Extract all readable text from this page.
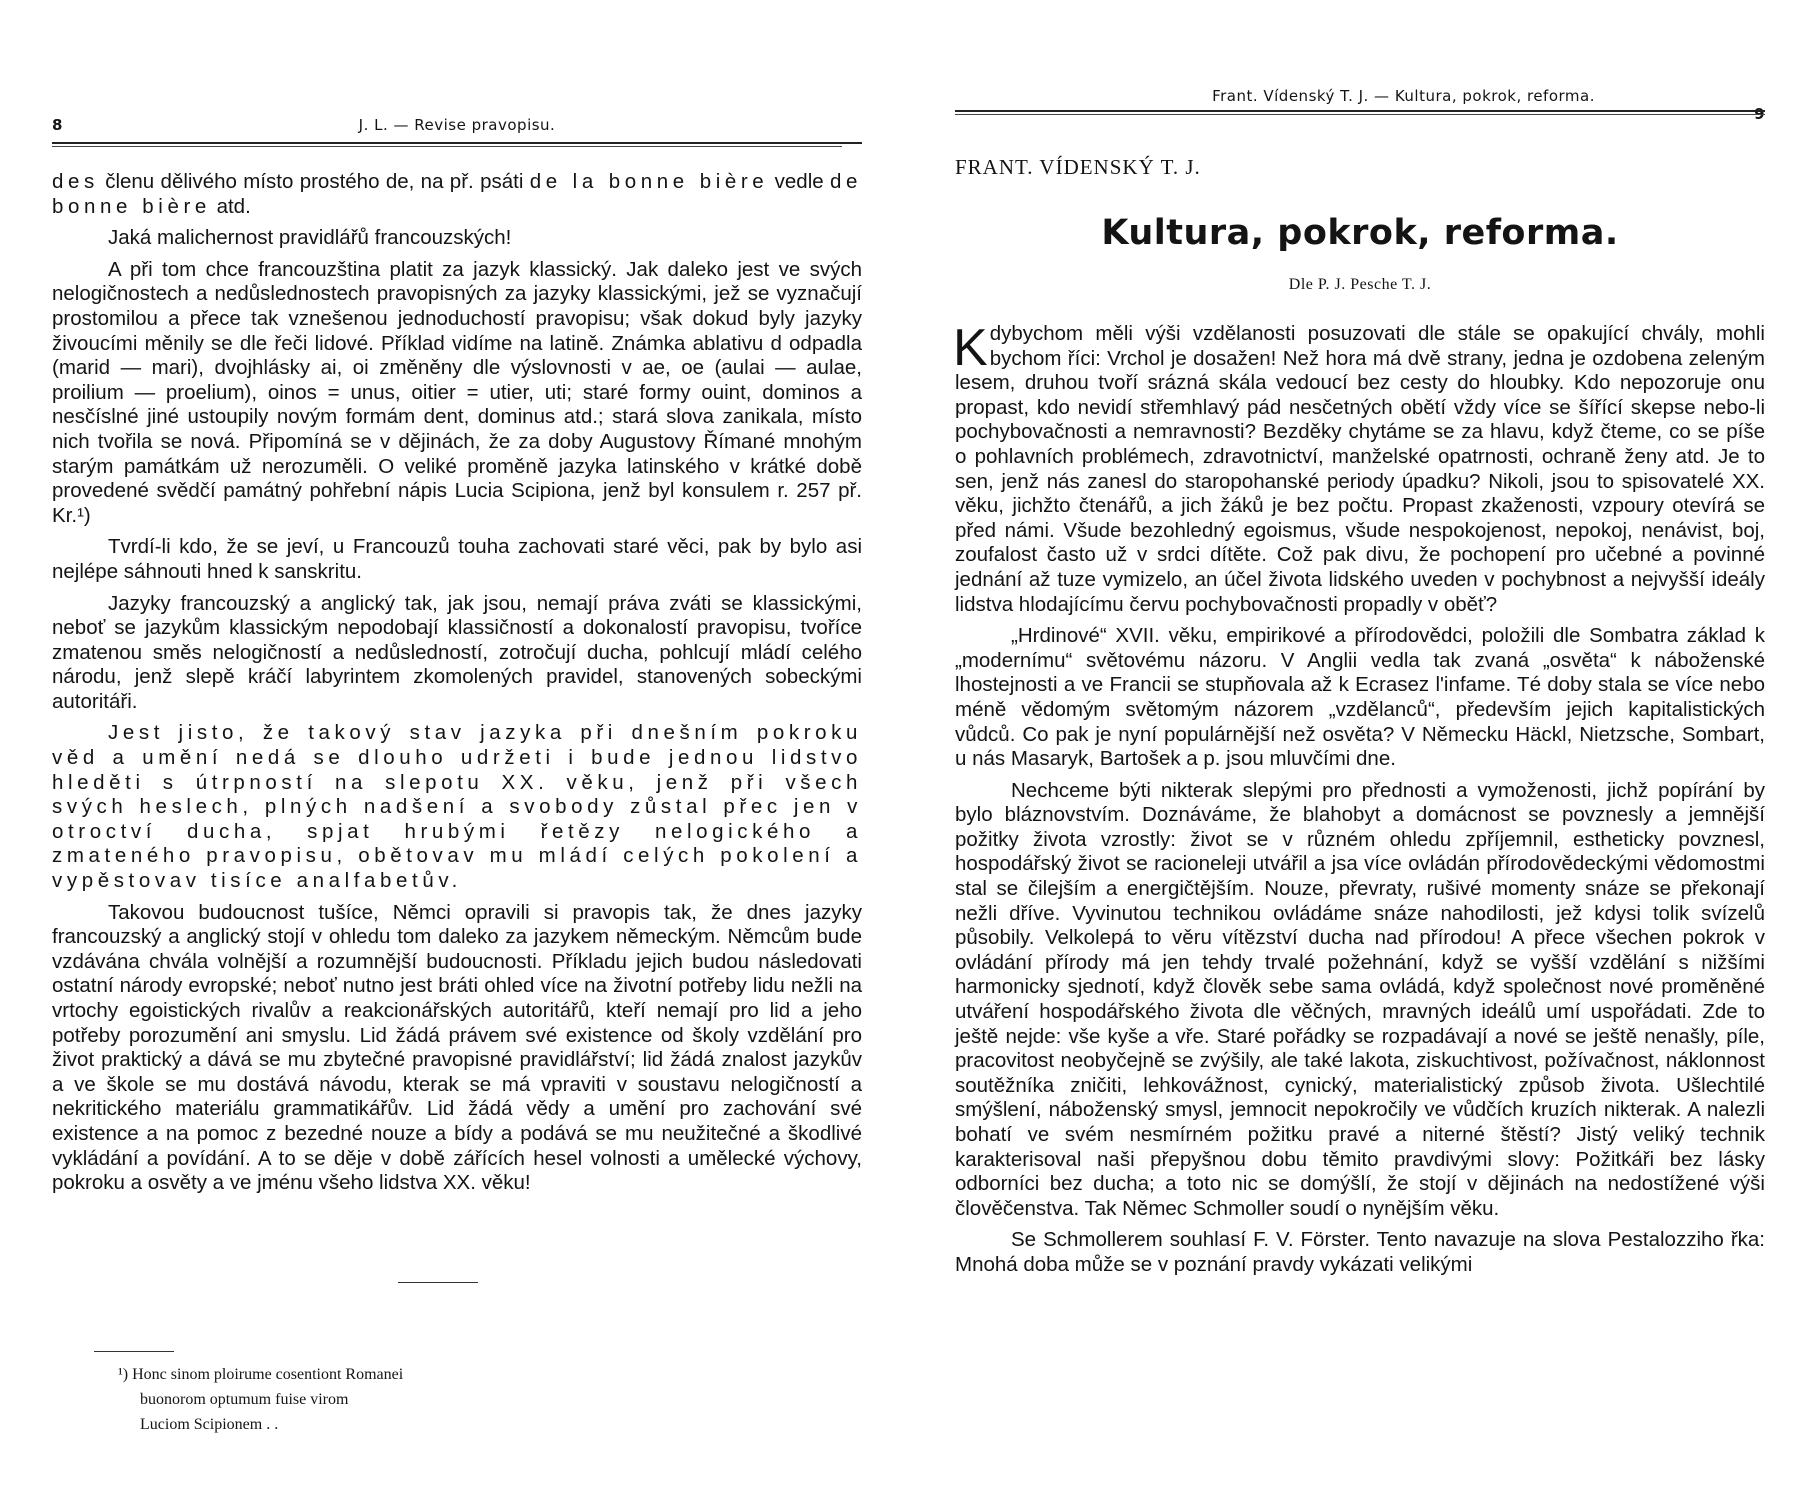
8	J. L. — Revise pravopisu.

des členu dělivého místo prostého de, na př. psáti de la bonne bière vedle de bonne bière atd.

Jaká malichernost pravidlářů francouzských!

A při tom chce francouzština platit za jazyk klassický. Jak daleko jest ve svých nelogičnostech a nedůslednostech pravopisných za jazyky klassickými, jež se vyznačují prostomilou a přece tak vznešenou jednoduchostí pravopisu; však dokud byly jazyky živoucími měnily se dle řeči lidové. Příklad vidíme na latině. Známka ablativu d odpadla (marid — mari), dvojhlásky ai, oi změněny dle výslovnosti v ae, oe (aulai — aulae, proilium — proelium), oinos = unus, oitier = utier, uti; staré formy ouint, dominos a nesčíslné jiné ustoupily novým formám dent, dominus atd.; stará slova zanikala, místo nich tvořila se nová. Připomíná se v dějinách, že za doby Augustovy Římané mnohým starým památkám už nerozuměli. O veliké proměně jazyka latinského v krátké době provedené svědčí památný pohřební nápis Lucia Scipiona, jenž byl konsulem r. 257 př. Kr.¹)

Tvrdí-li kdo, že se jeví, u Francouzů touha zachovati staré věci, pak by bylo asi nejlépe sáhnouti hned k sanskritu.

Jazyky francouzský a anglický tak, jak jsou, nemají práva zváti se klassickými, neboť se jazykům klassickým nepodobají klassičností a dokonalostí pravopisu, tvoříce zmatenou směs nelogičností a nedůsledností, zotročují ducha, pohlcují mládí celého národu, jenž slepě kráčí labyrintem zkomolených pravidel, stanovených sobeckými autoritáři.

Jest jisto, že takový stav jazyka při dnešním pokroku věd a umění nedá se dlouho udržeti i bude jednou lidstvo hleděti s útrpností na slepotu XX. věku, jenž při všech svých heslech, plných nadšení a svobody zůstal přec jen v otroctví ducha, spjat hrubými řetězy nelogického a zmateného pravopisu, obětovav mu mládí celých pokolení a vypěstovav tisíce analfabetův.

Takovou budoucnost tušíce, Němci opravili si pravopis tak, že dnes jazyky francouzský a anglický stojí v ohledu tom daleko za jazykem německým. Němcům bude vzdávána chvála volnější a rozumnější budoucnosti. Příkladu jejich budou následovati ostatní národy evropské; neboť nutno jest bráti ohled více na životní potřeby lidu nežli na vrtochy egoistických rivalův a reakcionářských autoritářů, kteří nemají pro lid a jeho potřeby porozumění ani smyslu. Lid žádá právem své existence od školy vzdělání pro život praktický a dává se mu zbytečné pravopisné pravidlářství; lid žádá znalost jazykův a ve škole se mu dostává návodu, kterak se má vpraviti v soustavu nelogičností a nekritického materiálu grammatikářův. Lid žádá vědy a umění pro zachování své existence a na pomoc z bezedné nouze a bídy a podává se mu neužitečné a škodlivé vykládání a povídání. A to se děje v době zářících hesel volnosti a umělecké výchovy, pokroku a osvěty a ve jménu všeho lidstva XX. věku!

¹) Honc sinom ploirume cosentiont Romanei
buonorom optumum fuise virom
Luciom Scipionem . .
Frant. Vídenský T. J. — Kultura, pokrok, reforma.
9
FRANT. VÍDENSKÝ T. J.
Kultura, pokrok, reforma.
Dle P. J. Pesche T. J.

Kdybychom měli výši vzdělanosti posuzovati dle stále se opakující chvály, mohli bychom říci: Vrchol je dosažen! Než hora má dvě strany, jedna je ozdobena zeleným lesem, druhou tvoří srázná skála vedoucí bez cesty do hloubky. Kdo nepozoruje onu propast, kdo nevidí střemhlavý pád nesčetných obětí vždy více se šířící skepse nebo-li pochybovačnosti a nemravnosti? Bezděky chytáme se za hlavu, když čteme, co se píše o pohlavních problémech, zdravotnictví, manželské opatrnosti, ochraně ženy atd. Je to sen, jenž nás zanesl do staropohanské periody úpadku? Nikoli, jsou to spisovatelé XX. věku, jichžto čtenářů, a jich žáků je bez počtu. Propast zkaženosti, vzpoury otevírá se před námi. Všude bezohledný egoismus, všude nespokojenost, nepokoj, nenávist, boj, zoufalost často už v srdci dítěte. Což pak divu, že pochopení pro učebné a povinné jednání až tuze vymizelo, an účel života lidského uveden v pochybnost a nejvyšší ideály lidstva hlodajícímu červu pochybovačnosti propadly v oběť?

„Hrdinové“ XVII. věku, empirikové a přírodovědci, položili dle Sombatra základ k „modernímu“ světovému názoru. V Anglii vedla tak zvaná „osvěta“ k náboženské lhostejnosti a ve Francii se stupňovala až k Ecrasez l'infame. Té doby stala se více nebo méně vědomým světomým názorem „vzdělanců“, především jejich kapitalistických vůdců. Co pak je nyní populárnější než osvěta? V Německu Häckl, Nietzsche, Sombart, u nás Masaryk, Bartošek a p. jsou mluvčími dne.

Nechceme býti nikterak slepými pro přednosti a vymoženosti, jichž popírání by bylo bláznovstvím. Doznáváme, že blahobyt a domácnost se povznesly a jemnější požitky života vzrostly: život se v různém ohledu zpříjemnil, estheticky povznesl, hospodářský život se racioneleji utvářil a jsa více ovládán přírodovědeckými vědomostmi stal se čilejším a energičtějším. Nouze, převraty, rušivé momenty snáze se překonají nežli dříve. Vyvinutou technikou ovládáme snáze nahodilosti, jež kdysi tolik svízelů působily. Velkolepá to věru vítězství ducha nad přírodou! A přece všechen pokrok v ovládání přírody má jen tehdy trvalé požehnání, když se vyšší vzdělání s nižšími harmonicky sjednotí, když člověk sebe sama ovládá, když společnost nové proměněné utváření hospodářského života dle věčných, mravných ideálů umí uspořádati. Zde to ještě nejde: vše kyše a vře. Staré pořádky se rozpadávají a nové se ještě nenašly, píle, pracovitost neobyčejně se zvýšily, ale také lakota, ziskuchtivost, požívačnost, náklonnost soutěžníka zničiti, lehkovážnost, cynický, materialistický způsob života. Ušlechtilé smýšlení, náboženský smysl, jemnocit nepokročily ve vůdčích kruzích nikterak. A nalezli bohatí ve svém nesmírném požitku pravé a niterné štěstí? Jistý veliký technik karakterisoval naši přepyšnou dobu těmito pravdivými slovy: Požitkáři bez lásky odborníci bez ducha; a toto nic se domýšlí, že stojí v dějinách na nedostížené výši člověčenstva. Tak Němec Schmoller soudí o nynějším věku.

Se Schmollerem souhlasí F. V. Förster. Tento navazuje na slova Pestalozziho řka: Mnohá doba může se v poznání pravdy vykázati velikými
